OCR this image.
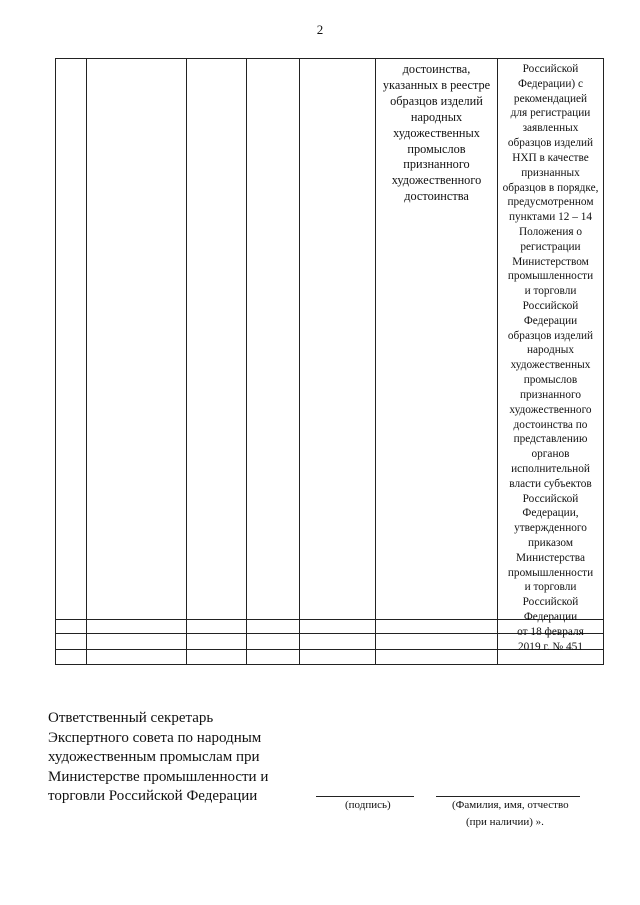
2
достоинства,
указанных в реестре
образцов изделий
народных
художественных
промыслов
признанного
художественного
достоинства
Российской
Федерации) с
рекомендацией
для регистрации
заявленных
образцов изделий
НХП в качестве
признанных
образцов в порядке,
предусмотренном
пунктами 12 – 14
Положения о
регистрации
Министерством
промышленности
и торговли
Российской
Федерации
образцов изделий
народных
художественных
промыслов
признанного
художественного
достоинства по
представлению
органов
исполнительной
власти субъектов
Российской
Федерации,
утвержденного
приказом
Министерства
промышленности
и торговли
Российской
Федерации
от 18 февраля
2019 г. № 451
Ответственный секретарь
Экспертного совета по народным
художественным промыслам при
Министерстве промышленности и
торговли Российской Федерации
(подпись)	(Фамилия, имя, отчество
(при наличии) ».
